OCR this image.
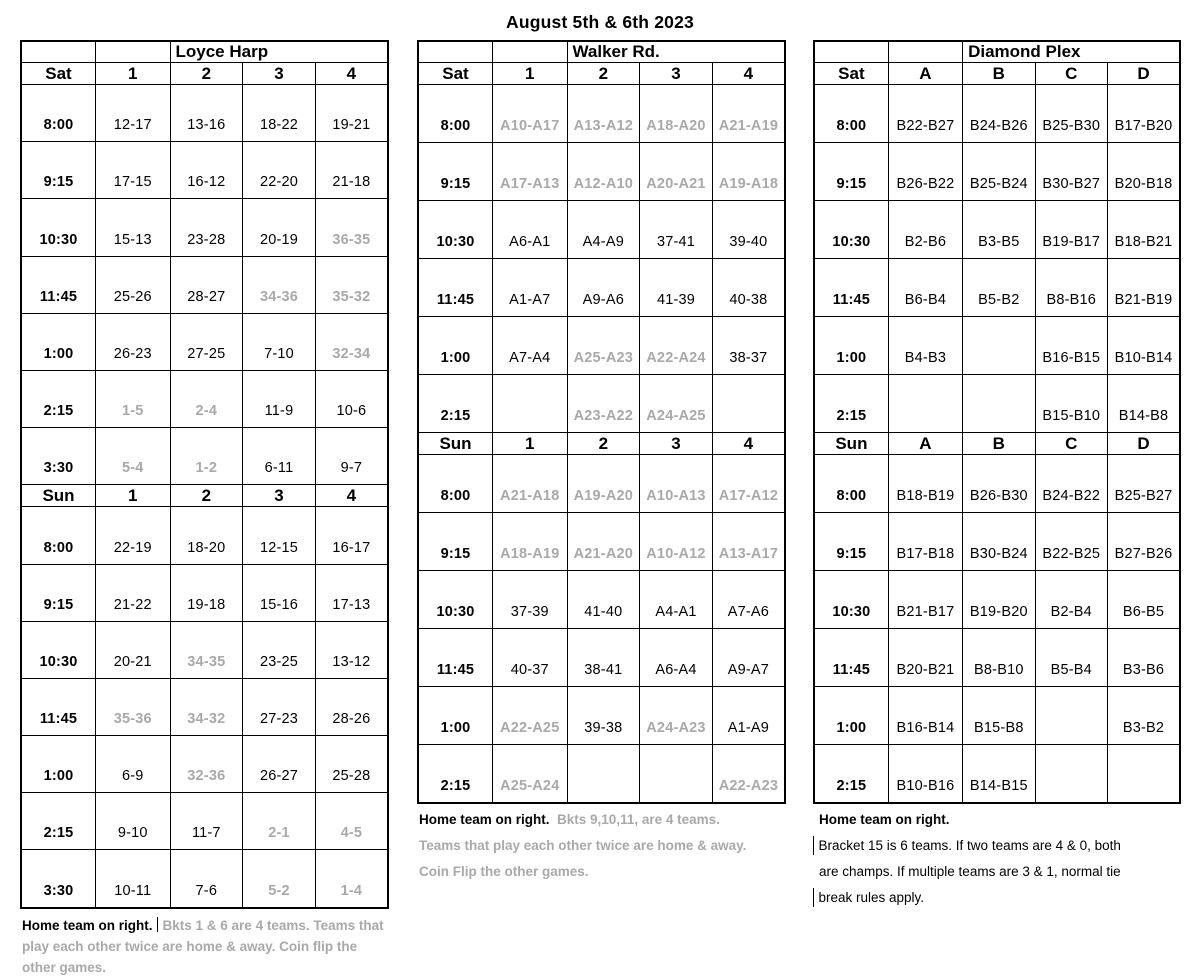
August 5th & 6th 2023
		Loyce Harp		
Sat	1	2	3	4
8:00	12-17	13-16	18-22	19-21
9:15	17-15	16-12	22-20	21-18
10:30	15-13	23-28	20-19	36-35
11:45	25-26	28-27	34-36	35-32
1:00	26-23	27-25	7-10	32-34
2:15	1-5	2-4	11-9	10-6
3:30	5-4	1-2	6-11	9-7
Sun	1	2	3	4
8:00	22-19	18-20	12-15	16-17
9:15	21-22	19-18	15-16	17-13
10:30	20-21	34-35	23-25	13-12
11:45	35-36	34-32	27-23	28-26
1:00	6-9	32-36	26-27	25-28
2:15	9-10	11-7	2-1	4-5
3:30	10-11	7-6	5-2	1-4
Home team on right. Bkts 1 & 6 are 4 teams. Teams that play each other twice are home & away. Coin flip the other games.
		Walker Rd.		
Sat	1	2	3	4
8:00	A10-A17	A13-A12	A18-A20	A21-A19
9:15	A17-A13	A12-A10	A20-A21	A19-A18
10:30	A6-A1	A4-A9	37-41	39-40
11:45	A1-A7	A9-A6	41-39	40-38
1:00	A7-A4	A25-A23	A22-A24	38-37
2:15		A23-A22	A24-A25	
Sun	1	2	3	4
8:00	A21-A18	A19-A20	A10-A13	A17-A12
9:15	A18-A19	A21-A20	A10-A12	A13-A17
10:30	37-39	41-40	A4-A1	A7-A6
11:45	40-37	38-41	A6-A4	A9-A7
1:00	A22-A25	39-38	A24-A23	A1-A9
2:15	A25-A24			A22-A23

Home team on right. Bkts 9,10,11, are 4 teams.

Teams that play each other twice are home & away.

Coin Flip the other games.

		Diamond Plex		
Sat	A	B	C	D
8:00	B22-B27	B24-B26	B25-B30	B17-B20
9:15	B26-B22	B25-B24	B30-B27	B20-B18
10:30	B2-B6	B3-B5	B19-B17	B18-B21
11:45	B6-B4	B5-B2	B8-B16	B21-B19
1:00	B4-B3		B16-B15	B10-B14
2:15			B15-B10	B14-B8
Sun	A	B	C	D
8:00	B18-B19	B26-B30	B24-B22	B25-B27
9:15	B17-B18	B30-B24	B22-B25	B27-B26
10:30	B21-B17	B19-B20	B2-B4	B6-B5
11:45	B20-B21	B8-B10	B5-B4	B3-B6
1:00	B16-B14	B15-B8		B3-B2
2:15	B10-B16	B14-B15		

Home team on right.

Bracket 15 is 6 teams. If two teams are 4 & 0, both

are champs. If multiple teams are 3 & 1, normal tie

break rules apply.
